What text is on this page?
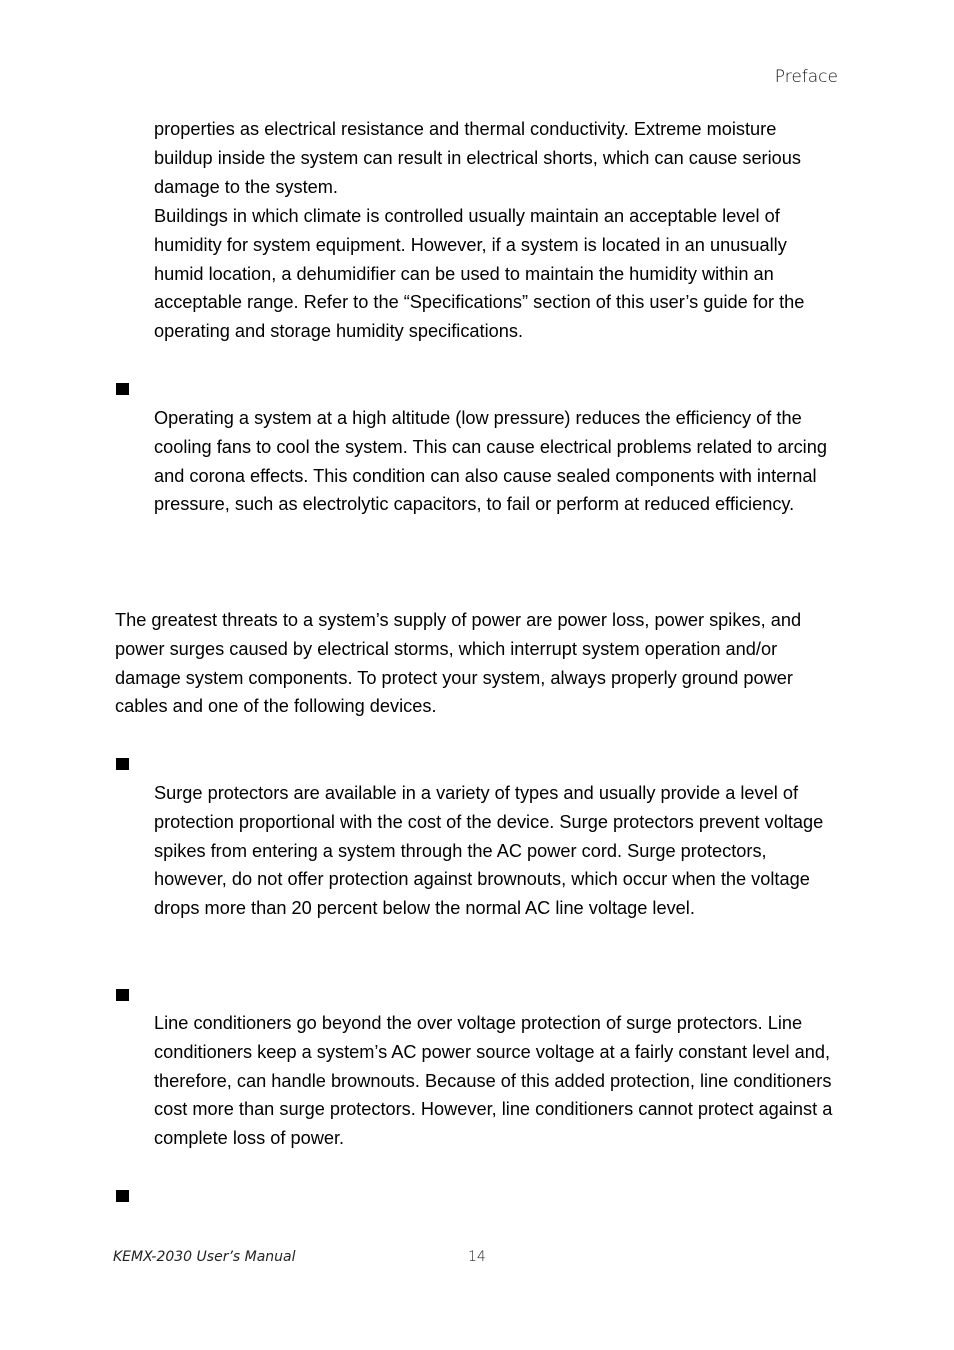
Preface

properties as electrical resistance and thermal conductivity. Extreme moisture buildup inside the system can result in electrical shorts, which can cause serious damage to the system.

Buildings in which climate is controlled usually maintain an acceptable level of humidity for system equipment. However, if a system is located in an unusually humid location, a dehumidifier can be used to maintain the humidity within an acceptable range. Refer to the “Specifications” section of this user’s guide for the operating and storage humidity specifications.

Operating a system at a high altitude (low pressure) reduces the efficiency of the cooling fans to cool the system. This can cause electrical problems related to arcing and corona effects. This condition can also cause sealed components with internal pressure, such as electrolytic capacitors, to fail or perform at reduced efficiency.

The greatest threats to a system’s supply of power are power loss, power spikes, and power surges caused by electrical storms, which interrupt system operation and/or damage system components. To protect your system, always properly ground power cables and one of the following devices.

Surge protectors are available in a variety of types and usually provide a level of protection proportional with the cost of the device. Surge protectors prevent voltage spikes from entering a system through the AC power cord. Surge protectors, however, do not offer protection against brownouts, which occur when the voltage drops more than 20 percent below the normal AC line voltage level.

Line conditioners go beyond the over voltage protection of surge protectors. Line conditioners keep a system’s AC power source voltage at a fairly constant level and, therefore, can handle brownouts. Because of this added protection, line conditioners cost more than surge protectors. However, line conditioners cannot protect against a complete loss of power.

KEMX-2030 User’s Manual	14
